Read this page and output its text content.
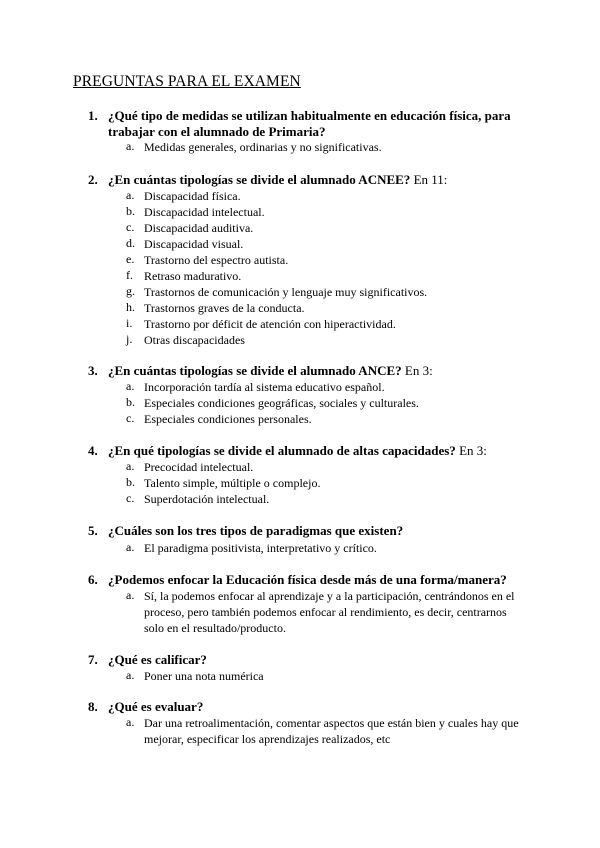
PREGUNTAS PARA EL EXAMEN
1. ¿Qué tipo de medidas se utilizan habitualmente en educación física, para
trabajar con el alumnado de Primaria?
a. Medidas generales, ordinarias y no significativas.
2. ¿En cuántas tipologías se divide el alumnado ACNEE? En 11:
a. Discapacidad física.
b. Discapacidad intelectual.
c. Discapacidad auditiva.
d. Discapacidad visual.
e. Trastorno del espectro autista.
f. Retraso madurativo.
g. Trastornos de comunicación y lenguaje muy significativos.
h. Trastornos graves de la conducta.
i. Trastorno por déficit de atención con hiperactividad.
j. Otras discapacidades
3. ¿En cuántas tipologías se divide el alumnado ANCE? En 3:
a. Incorporación tardía al sistema educativo español.
b. Especiales condiciones geográficas, sociales y culturales.
c. Especiales condiciones personales.
4. ¿En qué tipologías se divide el alumnado de altas capacidades? En 3:
a. Precocidad intelectual.
b. Talento simple, múltiple o complejo.
c. Superdotación intelectual.
5. ¿Cuáles son los tres tipos de paradigmas que existen?
a. El paradigma positivista, interpretativo y crítico.
6. ¿Podemos enfocar la Educación física desde más de una forma/manera?
a. Sí, la podemos enfocar al aprendizaje y a la participación, centrándonos en el
proceso, pero también podemos enfocar al rendimiento, es decir, centrarnos
solo en el resultado/producto.
7. ¿Qué es calificar?
a. Poner una nota numérica
8. ¿Qué es evaluar?
a. Dar una retroalimentación, comentar aspectos que están bien y cuales hay que
mejorar, especificar los aprendizajes realizados, etc
